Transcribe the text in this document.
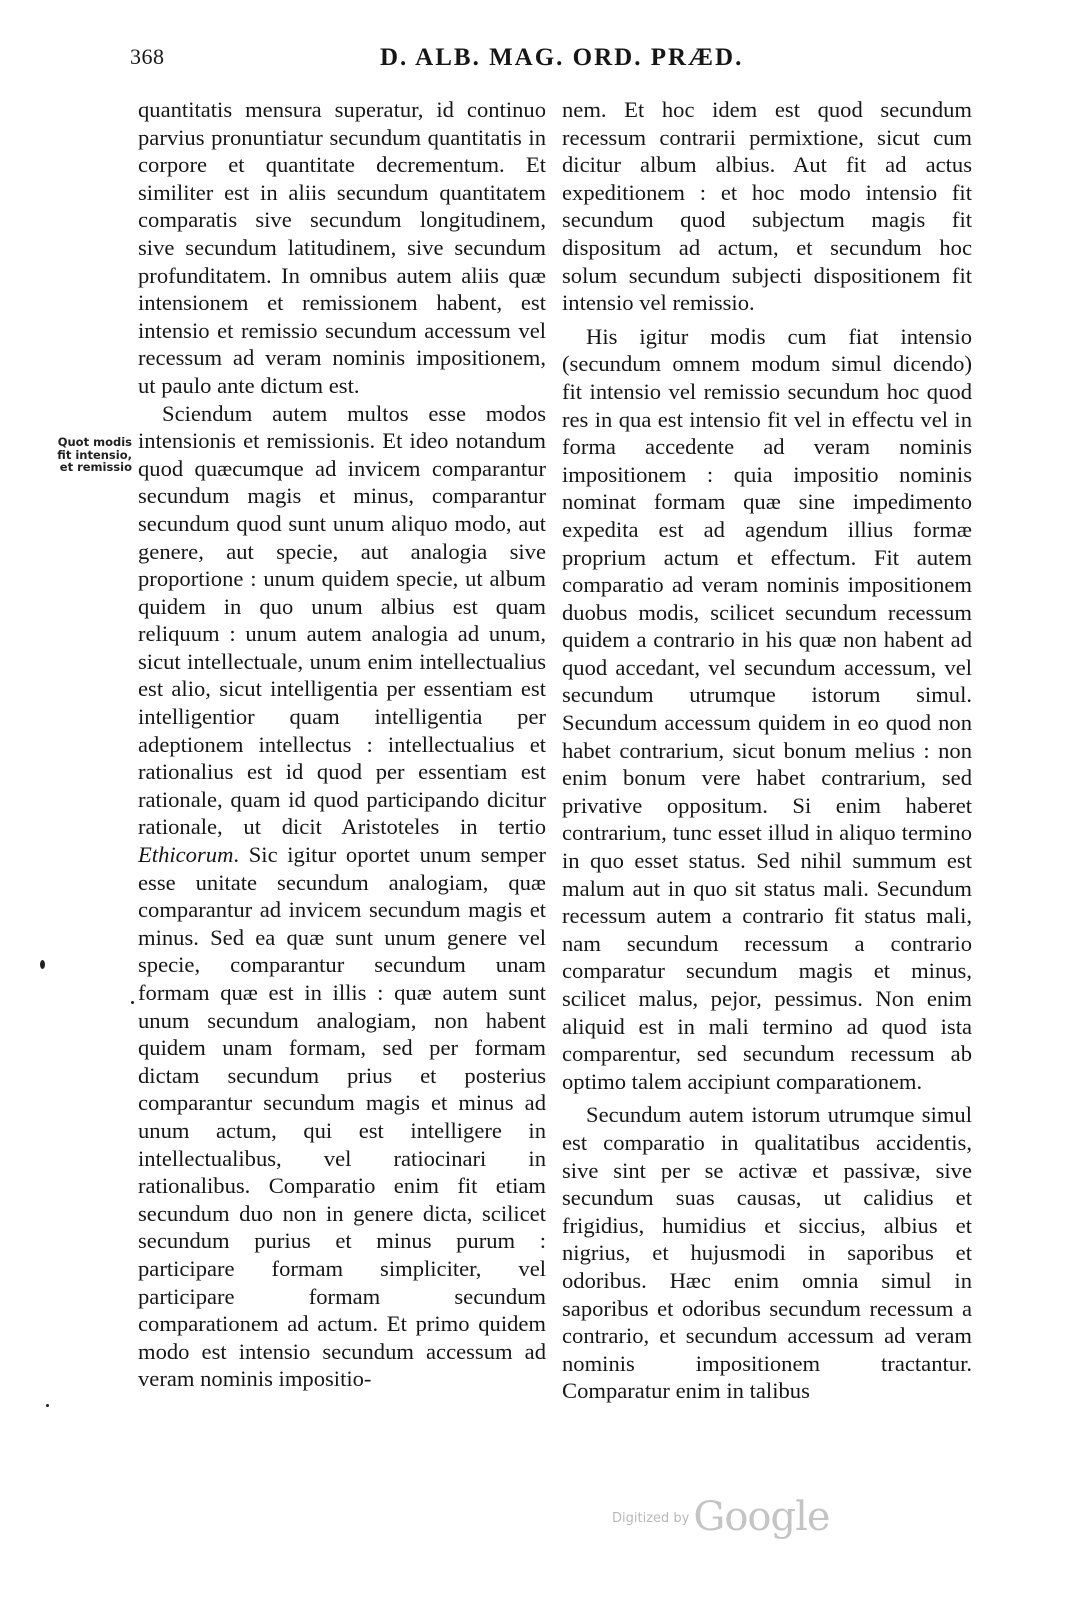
368	D. ALB. MAG. ORD. PRÆD.
Quot modis
fit intensio,
et remissio

quantitatis mensura superatur, id continuo parvius pronuntiatur secundum quantitatis in corpore et quantitate decrementum. Et similiter est in aliis secundum quantitatem comparatis sive secundum longitudinem, sive secundum latitudinem, sive secundum profunditatem. In omnibus autem aliis quæ intensionem et remissionem habent, est intensio et remissio secundum accessum vel recessum ad veram nominis impositionem, ut paulo ante dictum est.

Sciendum autem multos esse modos intensionis et remissionis. Et ideo notandum quod quæcumque ad invicem comparantur secundum magis et minus, comparantur secundum quod sunt unum aliquo modo, aut genere, aut specie, aut analogia sive proportione : unum quidem specie, ut album quidem in quo unum albius est quam reliquum : unum autem analogia ad unum, sicut intellectuale, unum enim intellectualius est alio, sicut intelligentia per essentiam est intelligentior quam intelligentia per adeptionem intellectus : intellectualius et rationalius est id quod per essentiam est rationale, quam id quod participando dicitur rationale, ut dicit Aristoteles in tertio Ethicorum. Sic igitur oportet unum semper esse unitate secundum analogiam, quæ comparantur ad invicem secundum magis et minus. Sed ea quæ sunt unum genere vel specie, comparantur secundum unam formam quæ est in illis : quæ autem sunt unum secundum analogiam, non habent quidem unam formam, sed per formam dictam secundum prius et posterius comparantur secundum magis et minus ad unum actum, qui est intelligere in intellectualibus, vel ratiocinari in rationalibus. Comparatio enim fit etiam secundum duo non in genere dicta, scilicet secundum purius et minus purum : participare formam simpliciter, vel participare formam secundum comparationem ad actum. Et primo quidem modo est intensio secundum accessum ad veram nominis impositio-

nem. Et hoc idem est quod secundum recessum contrarii permixtione, sicut cum dicitur album albius. Aut fit ad actus expeditionem : et hoc modo intensio fit secundum quod subjectum magis fit dispositum ad actum, et secundum hoc solum secundum subjecti dispositionem fit intensio vel remissio.

His igitur modis cum fiat intensio (secundum omnem modum simul dicendo) fit intensio vel remissio secundum hoc quod res in qua est intensio fit vel in effectu vel in forma accedente ad veram nominis impositionem : quia impositio nominis nominat formam quæ sine impedimento expedita est ad agendum illius formæ proprium actum et effectum. Fit autem comparatio ad veram nominis impositionem duobus modis, scilicet secundum recessum quidem a contrario in his quæ non habent ad quod accedant, vel secundum accessum, vel secundum utrumque istorum simul. Secundum accessum quidem in eo quod non habet contrarium, sicut bonum melius : non enim bonum vere habet contrarium, sed privative oppositum. Si enim haberet contrarium, tunc esset illud in aliquo termino in quo esset status. Sed nihil summum est malum aut in quo sit status mali. Secundum recessum autem a contrario fit status mali, nam secundum recessum a contrario comparatur secundum magis et minus, scilicet malus, pejor, pessimus. Non enim aliquid est in mali termino ad quod ista comparentur, sed secundum recessum ab optimo talem accipiunt comparationem.

Secundum autem istorum utrumque simul est comparatio in qualitatibus accidentis, sive sint per se activæ et passivæ, sive secundum suas causas, ut calidius et frigidius, humidius et siccius, albius et nigrius, et hujusmodi in saporibus et odoribus. Hæc enim omnia simul in saporibus et odoribus secundum recessum a contrario, et secundum accessum ad veram nominis impositionem tractantur. Comparatur enim in talibus

$^{Digitized by}$ Google
